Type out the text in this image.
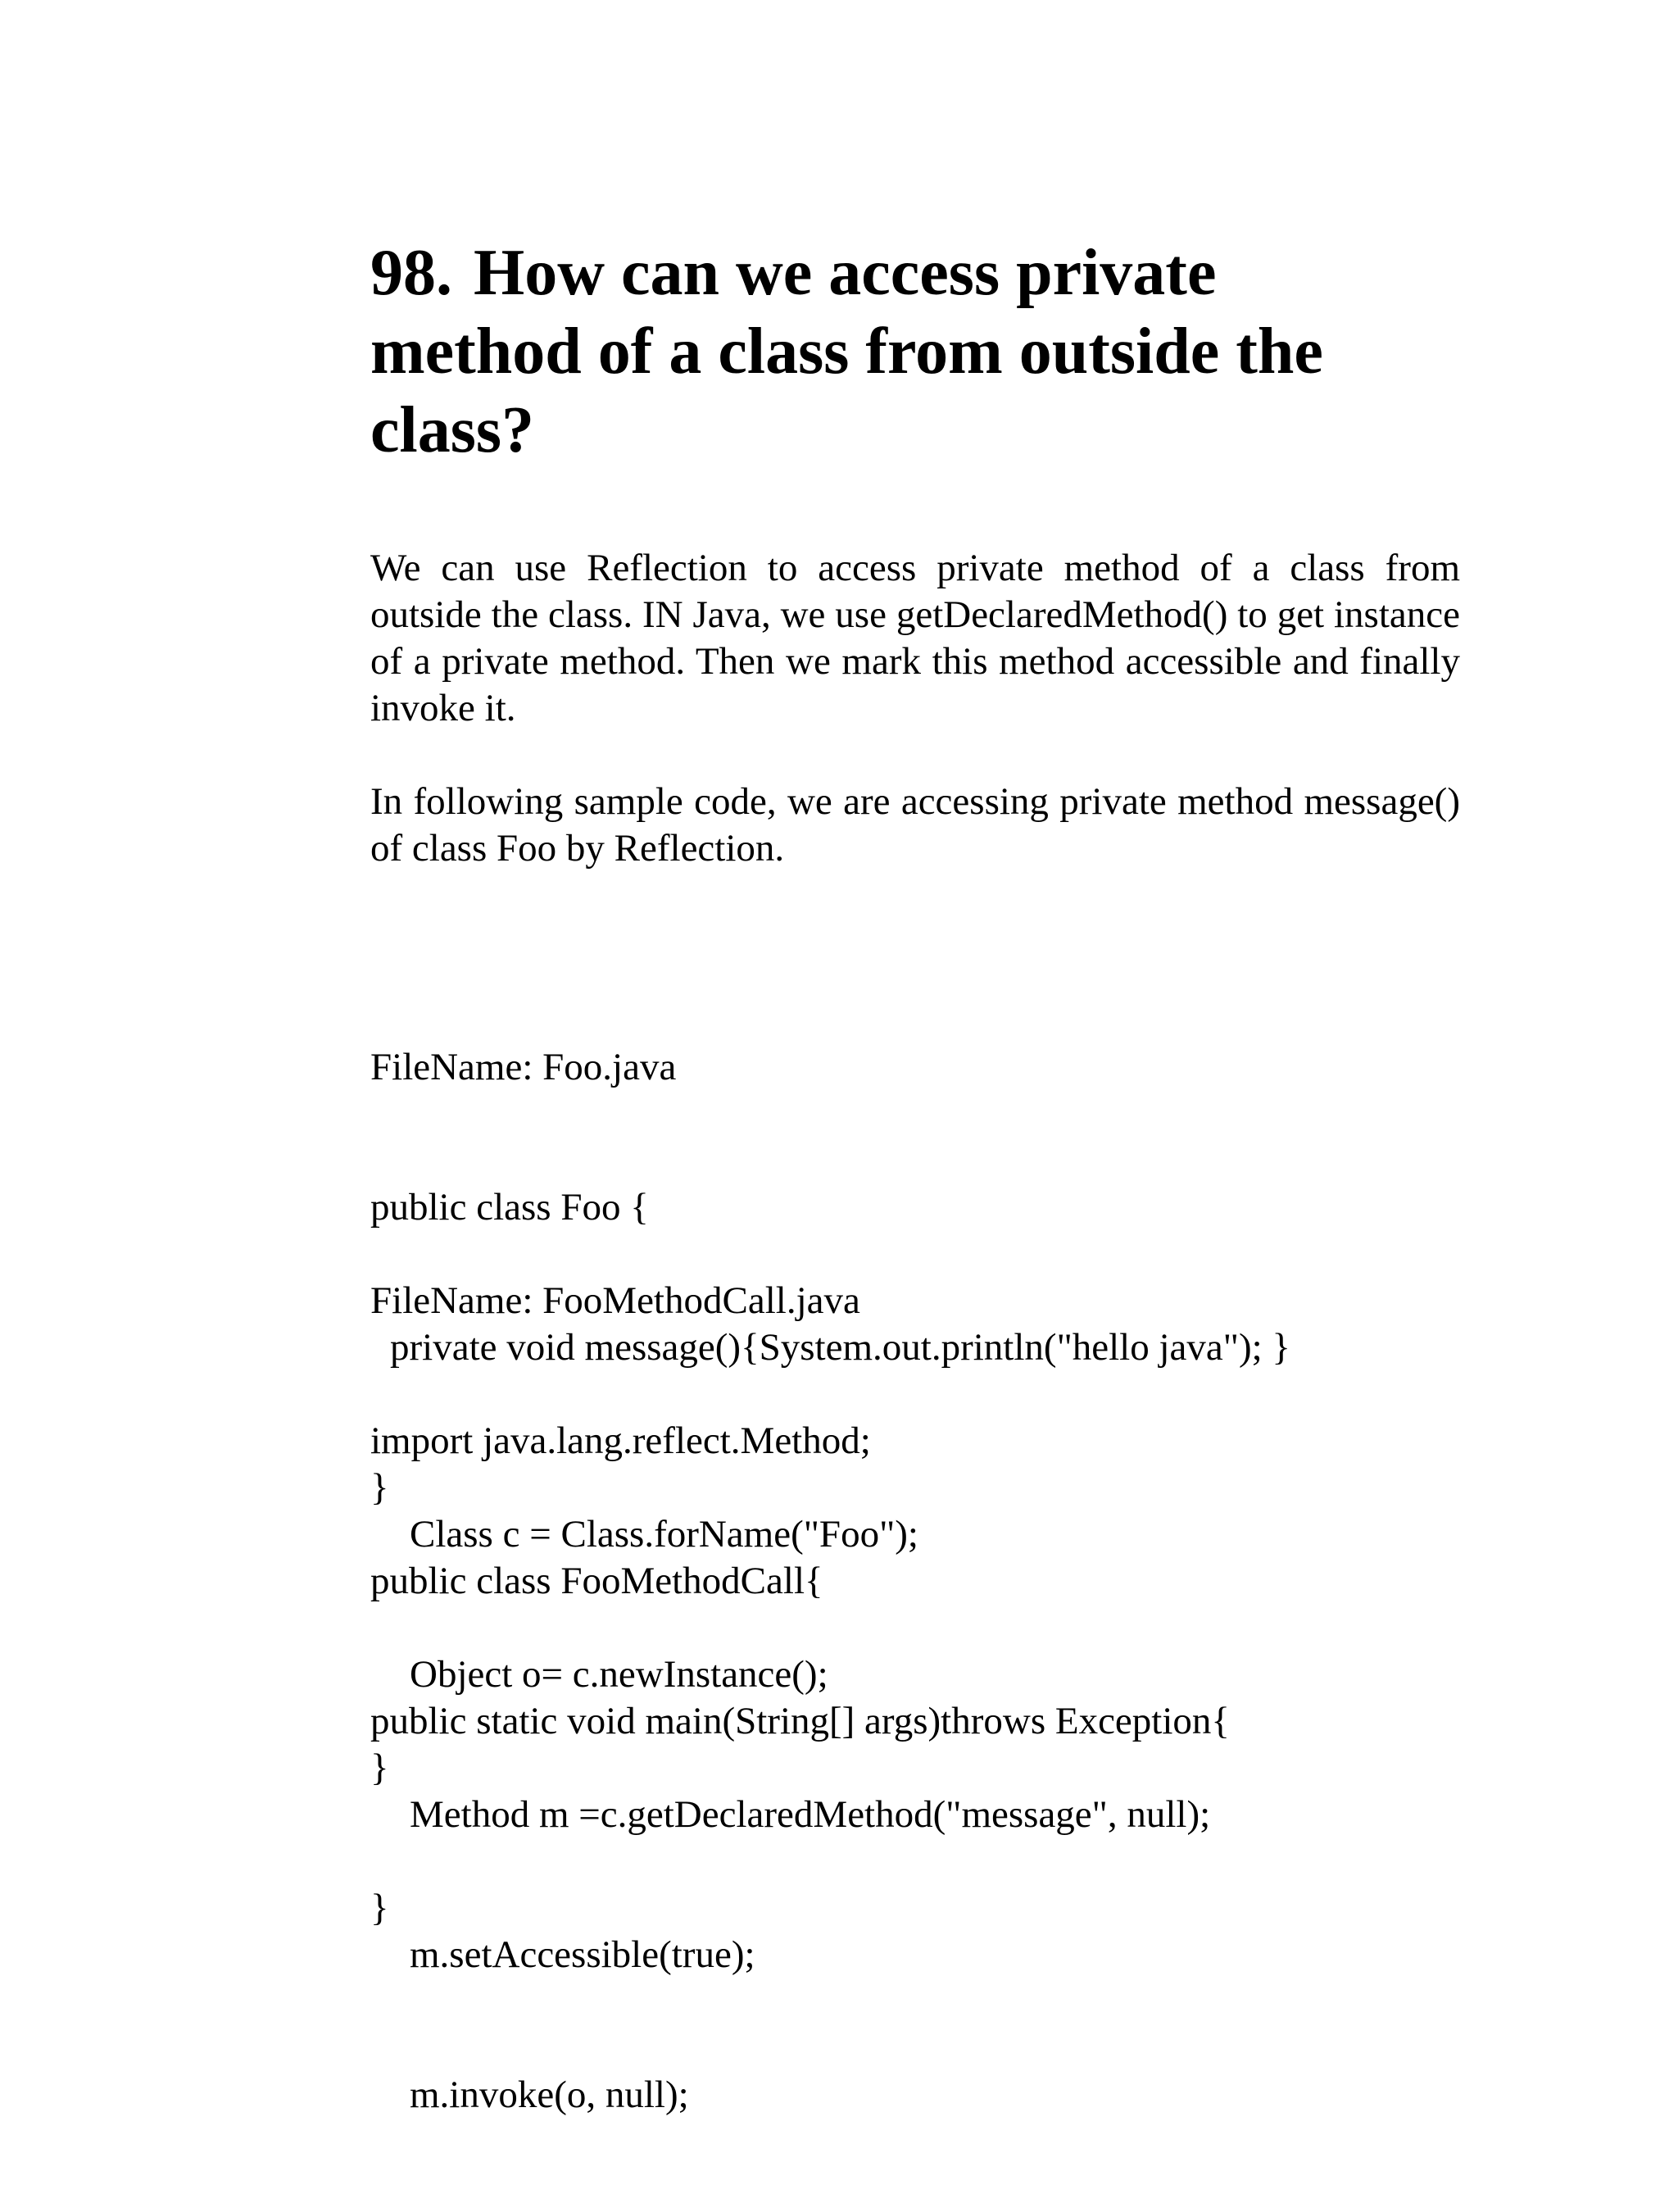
98. How can we access private
method of a class from outside the
class?

We can use Reflection to access private method of a class from outside the class. IN Java, we use getDeclaredMethod() to get instance of a private method. Then we mark this method accessible and finally invoke it.

In following sample code, we are accessing private method message() of class Foo by Reflection.

FileName: Foo.java

public class Foo {

private void message(){System.out.println("hello java"); }

}

FileName: FooMethodCall.java

import java.lang.reflect.Method;

public class FooMethodCall{

public static void main(String[] args)throws Exception{

Class c = Class.forName("Foo");

Object o= c.newInstance();

Method m =c.getDeclaredMethod("message", null);

m.setAccessible(true);

m.invoke(o, null);

}

}
